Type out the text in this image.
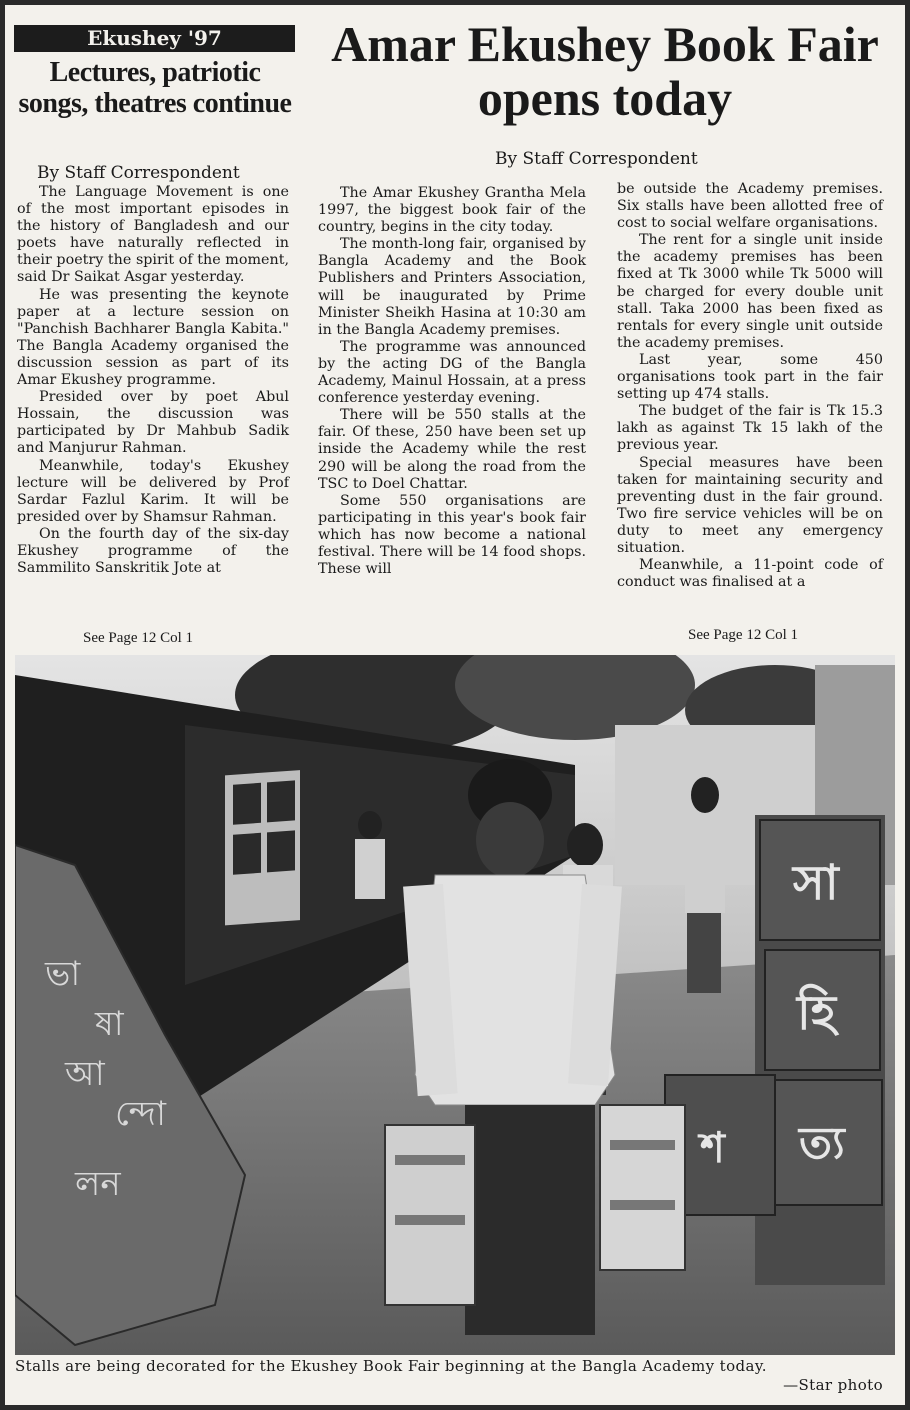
Ekushey '97
Lectures, patriotic songs, theatres continue
By Staff Correspondent

The Language Movement is one of the most important episodes in the history of Bangladesh and our poets have naturally reflected in their poetry the spirit of the moment, said Dr Saikat Asgar yesterday.

He was presenting the keynote paper at a lecture session on "Panchish Bachharer Bangla Kabita." The Bangla Academy organised the discussion session as part of its Amar Ekushey programme.

Presided over by poet Abul Hossain, the discussion was participated by Dr Mahbub Sadik and Manjurur Rahman.

Meanwhile, today's Ekushey lecture will be delivered by Prof Sardar Fazlul Karim. It will be presided over by Shamsur Rahman.

On the fourth day of the six-day Ekushey programme of the Sammilito Sanskritik Jote at

See Page 12 Col 1
Amar Ekushey Book Fair opens today
By Staff Correspondent

The Amar Ekushey Grantha Mela 1997, the biggest book fair of the country, begins in the city today.

The month-long fair, organised by Bangla Academy and the Book Publishers and Printers Association, will be inaugurated by Prime Minister Sheikh Hasina at 10:30 am in the Bangla Academy premises.

The programme was announced by the acting DG of the Bangla Academy, Mainul Hossain, at a press conference yesterday evening.

There will be 550 stalls at the fair. Of these, 250 have been set up inside the Academy while the rest 290 will be along the road from the TSC to Doel Chattar.

Some 550 organisations are participating in this year's book fair which has now become a national festival. There will be 14 food shops. These will

be outside the Academy premises. Six stalls have been allotted free of cost to social welfare organisations.

The rent for a single unit inside the academy premises has been fixed at Tk 3000 while Tk 5000 will be charged for every double unit stall. Taka 2000 has been fixed as rentals for every single unit outside the academy premises.

Last year, some 450 organisations took part in the fair setting up 474 stalls.

The budget of the fair is Tk 15.3 lakh as against Tk 15 lakh of the previous year.

Special measures have been taken for maintaining security and preventing dust in the fair ground. Two fire service vehicles will be on duty to meet any emergency situation.

Meanwhile, a 11-point code of conduct was finalised at a

See Page 12 Col 1
ভা
ষা
আ
ন্দো
লন
সা
হি
ত্য
শ
Stalls are being decorated for the Ekushey Book Fair beginning at the Bangla Academy today.
—Star photo
